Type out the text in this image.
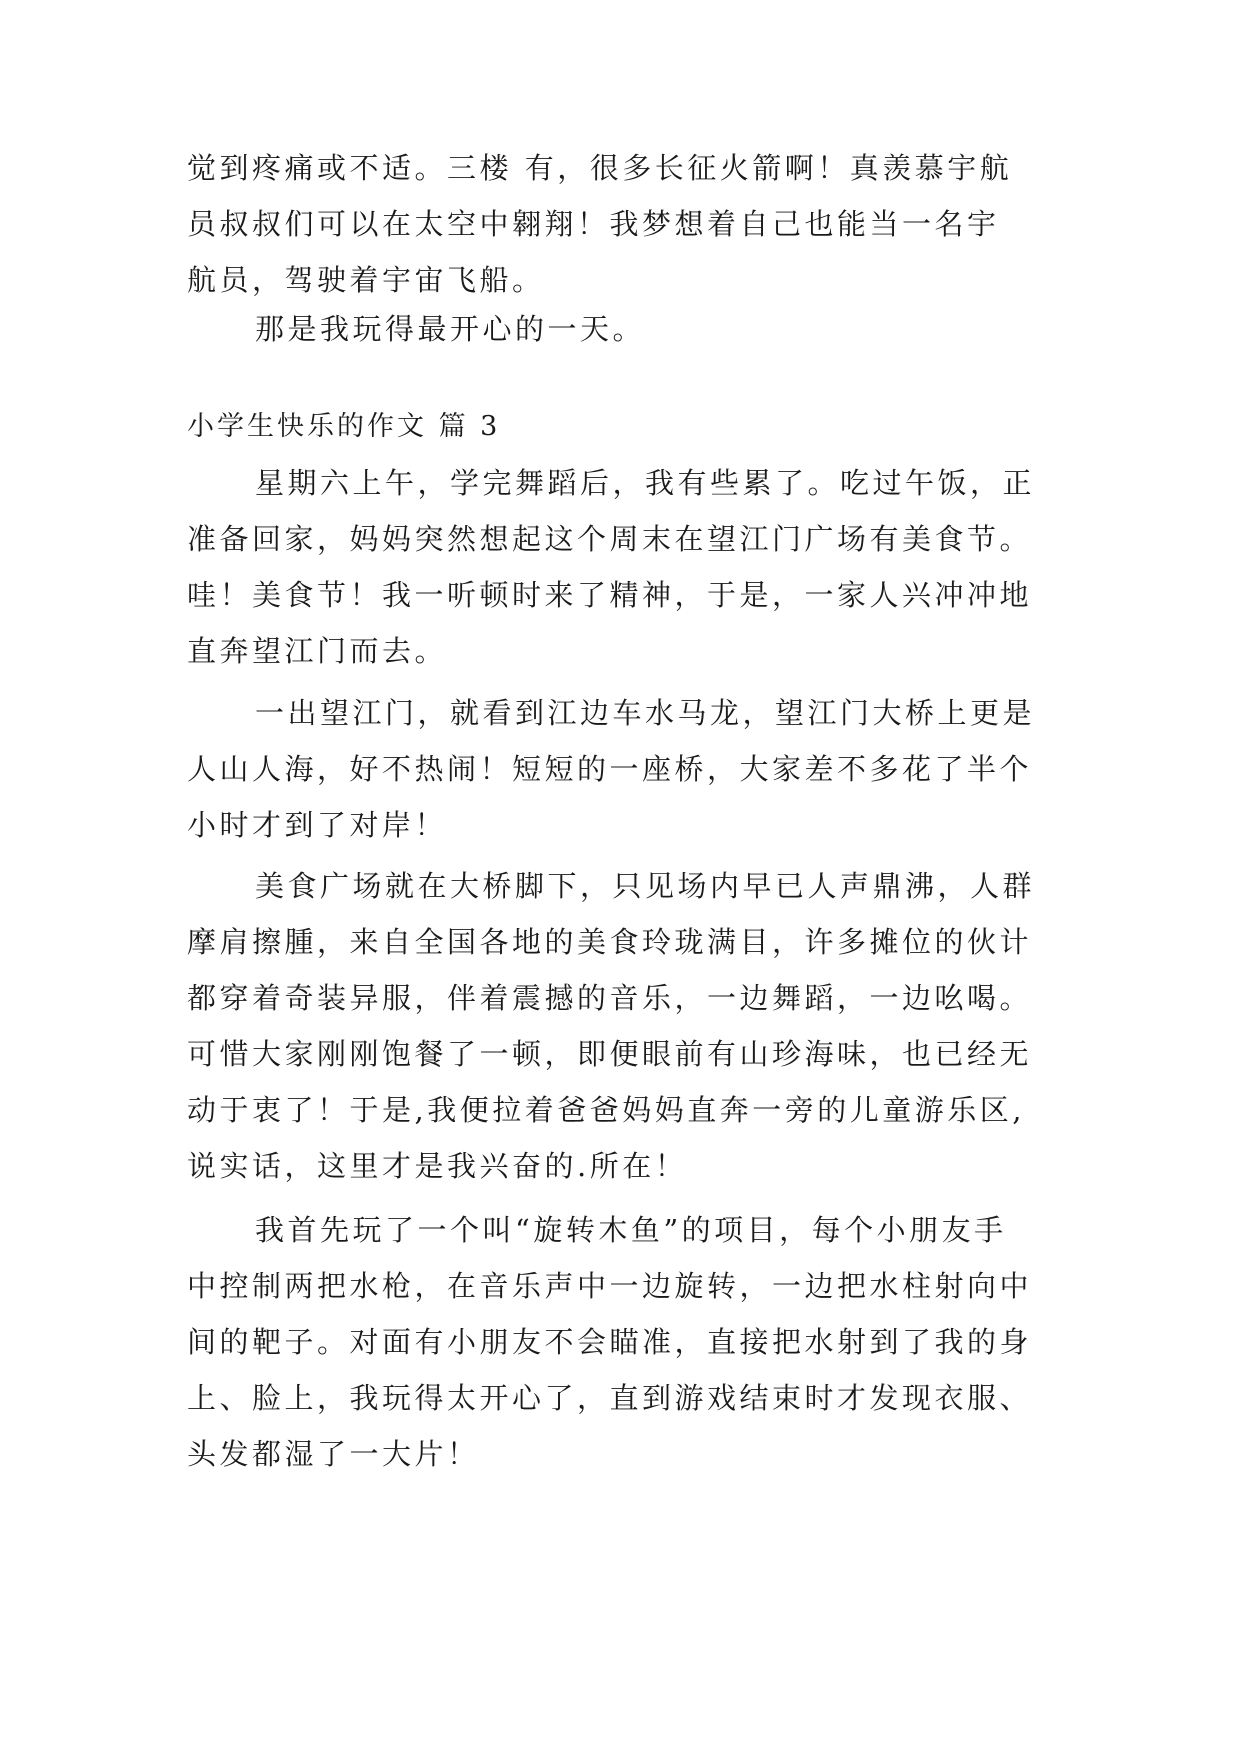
觉到疼痛或不适。三楼 有，很多长征火箭啊！真羡慕宇航
员叔叔们可以在太空中翱翔！我梦想着自己也能当一名宇
航员，驾驶着宇宙飞船。
那是我玩得最开心的一天。
小学生快乐的作文 篇 3
星期六上午，学完舞蹈后，我有些累了。吃过午饭，正
准备回家，妈妈突然想起这个周末在望江门广场有美食节。
哇！美食节！我一听顿时来了精神，于是，一家人兴冲冲地
直奔望江门而去。
一出望江门，就看到江边车水马龙，望江门大桥上更是
人山人海，好不热闹！短短的一座桥，大家差不多花了半个
小时才到了对岸！
美食广场就在大桥脚下，只见场内早已人声鼎沸，人群
摩肩擦腫，来自全国各地的美食玲珑满目，许多摊位的伙计
都穿着奇装异服，伴着震撼的音乐，一边舞蹈，一边吆喝。
可惜大家刚刚饱餐了一顿，即便眼前有山珍海味，也已经无
动于衷了！于是,我便拉着爸爸妈妈直奔一旁的儿童游乐区,
说实话，这里才是我兴奋的.所在！
我首先玩了一个叫“旋转木鱼”的项目，每个小朋友手
中控制两把水枪，在音乐声中一边旋转，一边把水柱射向中
间的靶子。对面有小朋友不会瞄准，直接把水射到了我的身
上、脸上，我玩得太开心了，直到游戏结束时才发现衣服、
头发都湿了一大片！
